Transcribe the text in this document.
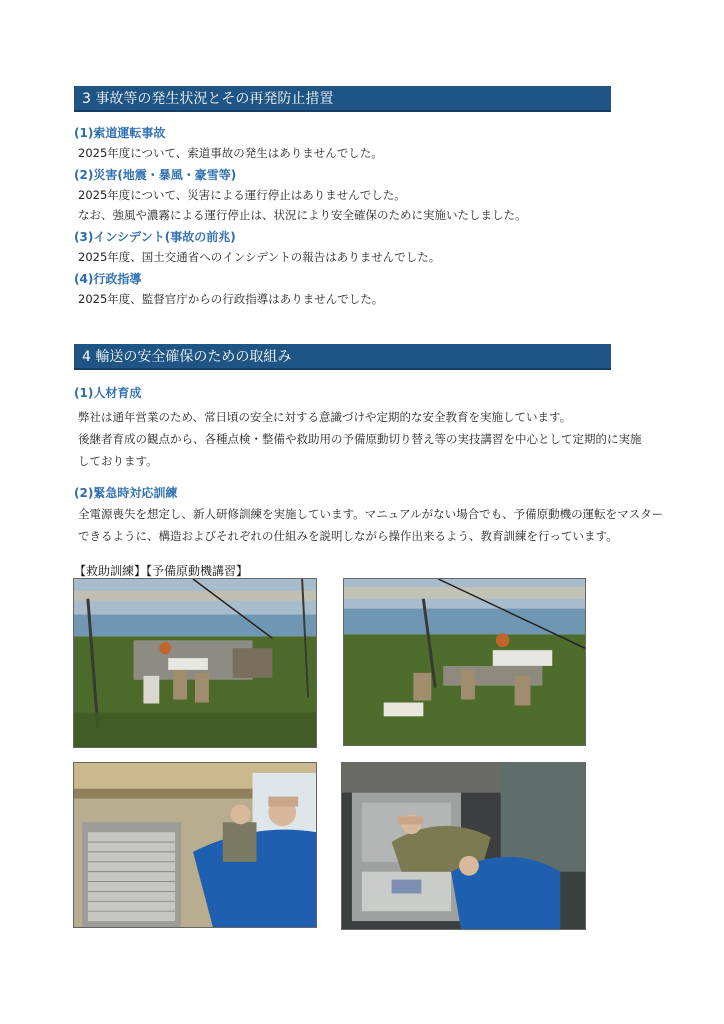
3 事故等の発生状況とその再発防止措置
(1)索道運転事故
2025年度について、索道事故の発生はありませんでした。
(2)災害(地震・暴風・豪雪等)
2025年度について、災害による運行停止はありませんでした。
なお、強風や濃霧による運行停止は、状況により安全確保のために実施いたしました。
(3)インシデント(事故の前兆)
2025年度、国土交通省へのインシデントの報告はありませんでした。
(4)行政指導
2025年度、監督官庁からの行政指導はありませんでした。
4 輸送の安全確保のための取組み
(1)人材育成
弊社は通年営業のため、常日頃の安全に対する意識づけや定期的な安全教育を実施しています。
後継者育成の観点から、各種点検・整備や救助用の予備原動切り替え等の実技講習を中心として定期的に実施
しております。
(2)緊急時対応訓練
全電源喪失を想定し、新人研修訓練を実施しています。マニュアルがない場合でも、予備原動機の運転をマスター
できるように、構造およびそれぞれの仕組みを説明しながら操作出来るよう、教育訓練を行っています。
【救助訓練】【予備原動機講習】
